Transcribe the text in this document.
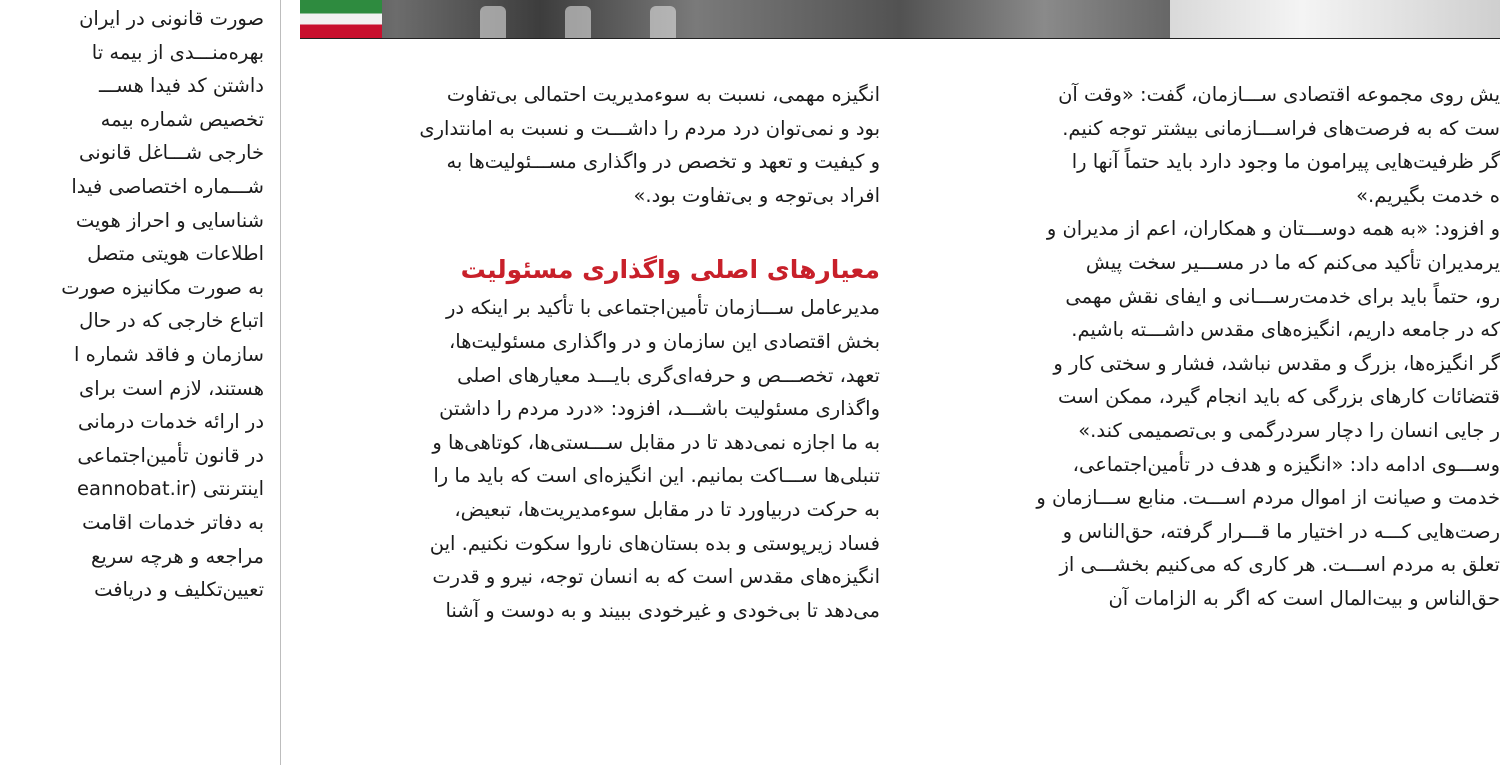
یش روی مجموعه اقتصادی ســـازمان، گفت: «وقت آن
ست که به فرصت‌های فراســـازمانی بیشتر توجه کنیم.
گر ظرفیت‌هایی پیرامون ما وجود دارد باید حتماً آنها را
ه خدمت بگیریم.»
و افزود: «به همه دوســـتان و همکاران، اعم از مدیران و
یرمدیران تأکید می‌کنم که ما در مســـیر سخت پیش
رو، حتماً باید برای خدمت‌رســـانی و ایفای نقش مهمی
که در جامعه داریم، انگیزه‌های مقدس داشـــته باشیم.
گر انگیزه‌ها، بزرگ و مقدس نباشد، فشار و سختی کار و
قتضائات کارهای بزرگی که باید انجام گیرد، ممکن است
ر جایی انسان را دچار سردرگمی و بی‌تصمیمی کند.»
وســـوی ادامه داد: «انگیزه و هدف در تأمین‌اجتماعی،
خدمت و صیانت از اموال مردم اســـت. منابع ســـازمان و
رصت‌هایی کـــه در اختیار ما قـــرار گرفته، حق‌الناس و
تعلق به مردم اســـت. هر کاری که می‌کنیم بخشـــی از
حق‌الناس و بیت‌المال است که اگر به الزامات آن
انگیزه مهمی، نسبت به سوءمدیریت احتمالی بی‌تفاوت
بود و نمی‌توان درد مردم را داشـــت و نسبت به امانتداری
و کیفیت و تعهد و تخصص در واگذاری مســـئولیت‌ها به
افراد بی‌توجه و بی‌تفاوت بود.»
معیارهای اصلی واگذاری مسئولیت
مدیرعامل ســـازمان تأمین‌اجتماعی با تأکید بر اینکه در
بخش اقتصادی این سازمان و در واگذاری مسئولیت‌ها،
تعهد، تخصـــص و حرفه‌ای‌گری بایـــد معیارهای اصلی
واگذاری مسئولیت باشـــد، افزود: «درد مردم را داشتن
به ما اجازه نمی‌دهد تا در مقابل ســـستی‌ها، کوتاهی‌ها و
تنبلی‌ها ســـاکت بمانیم. این انگیزه‌ای است که باید ما را
به حرکت دربیاورد تا در مقابل سوءمدیریت‌ها، تبعیض،
فساد زیرپوستی و بده بستان‌های ناروا سکوت نکنیم. این
انگیزه‌های مقدس است که به انسان توجه، نیرو و قدرت
می‌دهد تا بی‌خودی و غیرخودی ببیند و به دوست و آشنا
صورت قانونی در ایران
بهره‌منـــدی از بیمه تا
داشتن کد فیدا هســـ
تخصیص شماره بیمه
خارجی شـــاغل قانونی
شـــماره اختصاصی فیدا
شناسایی و احراز هویت
اطلاعات هویتی متصل
به صورت مکانیزه صورت
اتباع خارجی که در حال
سازمان و فاقد شماره ا
هستند، لازم است برای
در ارائه خدمات درمانی
در قانون تأمین‌اجتماعی
اینترنتی (eannobat.ir
به دفاتر خدمات اقامت
مراجعه و هرچه سریع
تعیین‌تکلیف و دریافت
